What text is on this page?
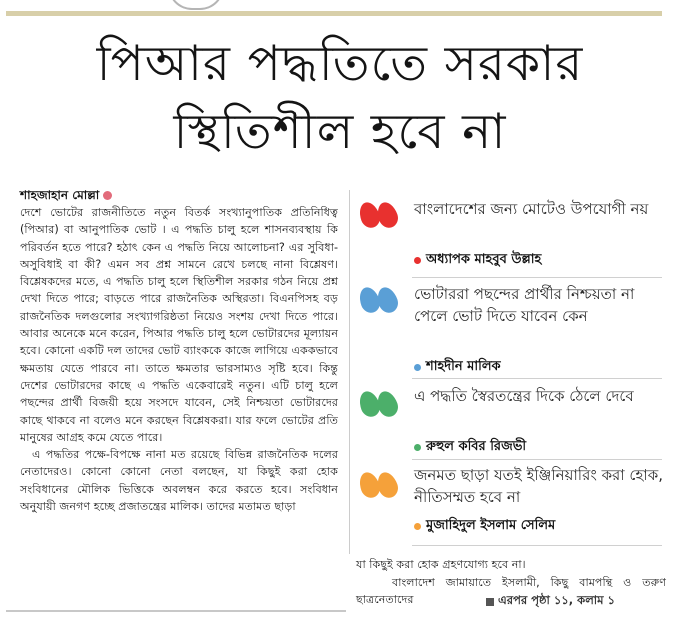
পিআর পদ্ধতিতে সরকার
স্থিতিশীল হবে না
শাহজাহান মোল্লা

দেশে ভোটের রাজনীতিতে নতুন বিতর্ক সংখ্যানুপাতিক প্রতিনিধিত্ব (পিআর) বা আনুপাতিক ভোট । এ পদ্ধতি চালু হলে শাসনব্যবস্থায় কি পরিবর্তন হতে পারে? হঠাৎ কেন এ পদ্ধতি নিয়ে আলোচনা? এর সুবিধা-অসুবিধাই বা কী? এমন সব প্রশ্ন সামনে রেখে চলছে নানা বিশ্লেষণ। বিশ্লেষকদের মতে, এ পদ্ধতি চালু হলে স্থিতিশীল সরকার গঠন নিয়ে প্রশ্ন দেখা দিতে পারে; বাড়তে পারে রাজনৈতিক অস্থিরতা। বিএনপিসহ বড় রাজনৈতিক দলগুলোর সংখ্যাগরিষ্ঠতা নিয়েও সংশয় দেখা দিতে পারে। আবার অনেকে মনে করেন, পিআর পদ্ধতি চালু হলে ভোটারদের মূল্যায়ন হবে। কোনো একটি দল তাদের ভোট ব্যাংককে কাজে লাগিয়ে এককভাবে ক্ষমতায় যেতে পারবে না। তাতে ক্ষমতার ভারসাম্যও সৃষ্টি হবে। কিন্তু দেশের ভোটারদের কাছে এ পদ্ধতি একেবারেই নতুন। এটি চালু হলে পছন্দের প্রার্থী বিজয়ী হয়ে সংসদে যাবেন, সেই নিশ্চয়তা ভোটারদের কাছে থাকবে না বলেও মনে করছেন বিশ্লেষকরা। যার ফলে ভোটের প্রতি মানুষের আগ্রহ কমে যেতে পারে।

এ পদ্ধতির পক্ষে-বিপক্ষে নানা মত রয়েছে বিভিন্ন রাজনৈতিক দলের নেতাদেরও। কোনো কোনো নেতা বলছেন, যা কিছুই করা হোক সংবিধানের মৌলিক ভিত্তিকে অবলম্বন করে করতে হবে। সংবিধান অনুযায়ী জনগণ হচ্ছে প্রজাতন্ত্রের মালিক। তাদের মতামত ছাড়া

বাংলাদেশের জন্য মোটেও উপযোগী নয়
অধ্যাপক মাহবুব উল্লাহ
ভোটাররা পছন্দের প্রার্থীর নিশ্চয়তা না পেলে ভোট দিতে যাবেন কেন
শাহদীন মালিক
এ পদ্ধতি স্বৈরতন্ত্রের দিকে ঠেলে দেবে
রুহুল কবির রিজভী
জনমত ছাড়া যতই ইঞ্জিনিয়ারিং করা হোক, নীতিসম্মত হবে না
মুজাহিদুল ইসলাম সেলিম
যা কিছুই করা হোক গ্রহণযোগ্য হবে না।
বাংলাদেশ জামায়াতে ইসলামী, কিছু বামপন্থি ও তরুণ ছাত্রনেতাদের	এরপর পৃষ্ঠা ১১, কলাম ১
